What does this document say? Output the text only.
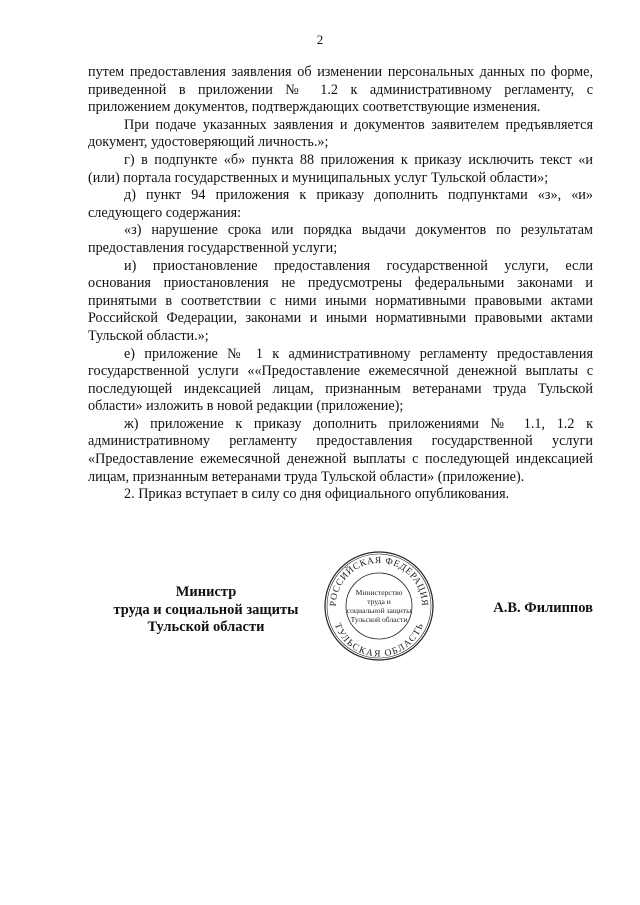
2

путем предоставления заявления об изменении персональных данных по форме, приведенной в приложении № 1.2 к административному регламенту, с приложением документов, подтверждающих соответствующие изменения.

При подаче указанных заявления и документов заявителем предъявляется документ, удостоверяющий личность.»;

г) в подпункте «б» пункта 88 приложения к приказу исключить текст «и (или) портала государственных и муниципальных услуг Тульской области»;

д) пункт 94 приложения к приказу дополнить подпунктами «з», «и» следующего содержания:

«з) нарушение срока или порядка выдачи документов по результатам предоставления государственной услуги;

и) приостановление предоставления государственной услуги, если основания приостановления не предусмотрены федеральными законами и принятыми в соответствии с ними иными нормативными правовыми актами Российской Федерации, законами и иными нормативными правовыми актами Тульской области.»;

е) приложение № 1 к административному регламенту предоставления государственной услуги ««Предоставление ежемесячной денежной выплаты с последующей индексацией лицам, признанным ветеранами труда Тульской области» изложить в новой редакции (приложение);

ж) приложение к приказу дополнить приложениями № 1.1, 1.2 к административному регламенту предоставления государственной услуги «Предоставление ежемесячной денежной выплаты с последующей индексацией лицам, признанным ветеранами труда Тульской области» (приложение).

2. Приказ вступает в силу со дня официального опубликования.

Министр
труда и социальной защиты
Тульской области
РОССИЙСКАЯ ФЕДЕРАЦИЯ
ТУЛЬСКАЯ ОБЛАСТЬ
Министерство
труда и
социальной защиты
Тульской области
А.В. Филиппов
